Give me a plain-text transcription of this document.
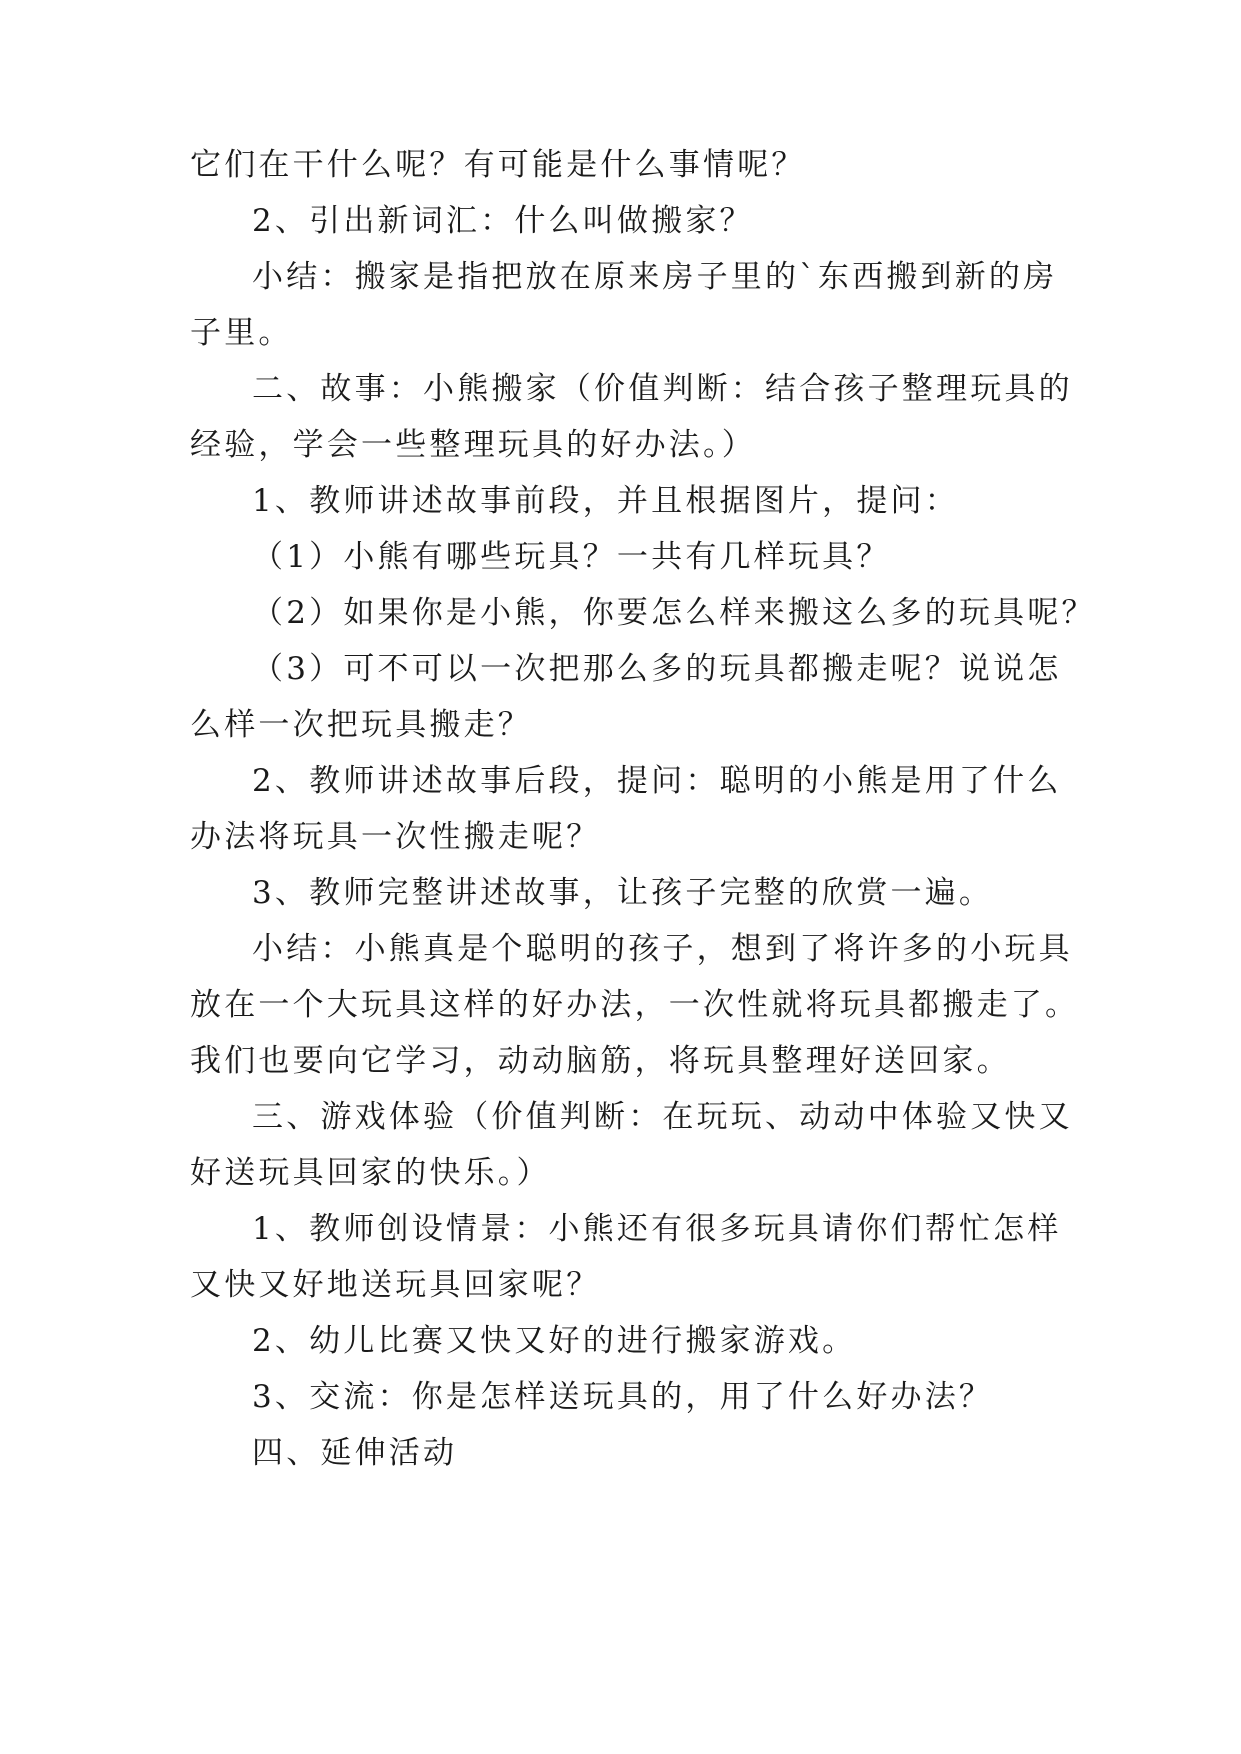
它们在干什么呢？有可能是什么事情呢？
2、引出新词汇：什么叫做搬家？
小结：搬家是指把放在原来房子里的`东西搬到新的房
子里。
二、故事：小熊搬家（价值判断：结合孩子整理玩具的
经验，学会一些整理玩具的好办法。）
1、教师讲述故事前段，并且根据图片，提问：
（1）小熊有哪些玩具？一共有几样玩具？
（2）如果你是小熊，你要怎么样来搬这么多的玩具呢？
（3）可不可以一次把那么多的玩具都搬走呢？说说怎
么样一次把玩具搬走？
2、教师讲述故事后段，提问：聪明的小熊是用了什么
办法将玩具一次性搬走呢？
3、教师完整讲述故事，让孩子完整的欣赏一遍。
小结：小熊真是个聪明的孩子，想到了将许多的小玩具
放在一个大玩具这样的好办法，一次性就将玩具都搬走了。
我们也要向它学习，动动脑筋，将玩具整理好送回家。
三、游戏体验（价值判断：在玩玩、动动中体验又快又
好送玩具回家的快乐。）
1、教师创设情景：小熊还有很多玩具请你们帮忙怎样
又快又好地送玩具回家呢？
2、幼儿比赛又快又好的进行搬家游戏。
3、交流：你是怎样送玩具的，用了什么好办法？
四、延伸活动
